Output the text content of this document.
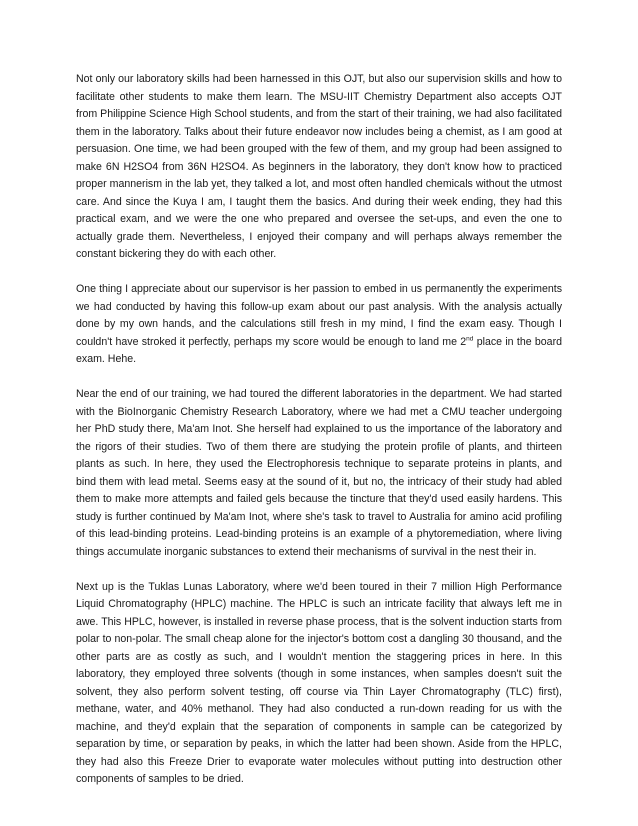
Not only our laboratory skills had been harnessed in this OJT, but also our supervision skills and how to facilitate other students to make them learn. The MSU-IIT Chemistry Department also accepts OJT from Philippine Science High School students, and from the start of their training, we had also facilitated them in the laboratory. Talks about their future endeavor now includes being a chemist, as I am good at persuasion. One time, we had been grouped with the few of them, and my group had been assigned to make 6N H2SO4 from 36N H2SO4. As beginners in the laboratory, they don't know how to practiced proper mannerism in the lab yet, they talked a lot, and most often handled chemicals without the utmost care. And since the Kuya I am, I taught them the basics. And during their week ending, they had this practical exam, and we were the one who prepared and oversee the set-ups, and even the one to actually grade them. Nevertheless, I enjoyed their company and will perhaps always remember the constant bickering they do with each other.

One thing I appreciate about our supervisor is her passion to embed in us permanently the experiments we had conducted by having this follow-up exam about our past analysis. With the analysis actually done by my own hands, and the calculations still fresh in my mind, I find the exam easy. Though I couldn't have stroked it perfectly, perhaps my score would be enough to land me 2nd place in the board exam. Hehe.

Near the end of our training, we had toured the different laboratories in the department. We had started with the BioInorganic Chemistry Research Laboratory, where we had met a CMU teacher undergoing her PhD study there, Ma'am Inot. She herself had explained to us the importance of the laboratory and the rigors of their studies. Two of them there are studying the protein profile of plants, and thirteen plants as such. In here, they used the Electrophoresis technique to separate proteins in plants, and bind them with lead metal. Seems easy at the sound of it, but no, the intricacy of their study had abled them to make more attempts and failed gels because the tincture that they'd used easily hardens. This study is further continued by Ma'am Inot, where she's task to travel to Australia for amino acid profiling of this lead-binding proteins. Lead-binding proteins is an example of a phytoremediation, where living things accumulate inorganic substances to extend their mechanisms of survival in the nest their in.

Next up is the Tuklas Lunas Laboratory, where we'd been toured in their 7 million High Performance Liquid Chromatography (HPLC) machine. The HPLC is such an intricate facility that always left me in awe. This HPLC, however, is installed in reverse phase process, that is the solvent induction starts from polar to non-polar. The small cheap alone for the injector's bottom cost a dangling 30 thousand, and the other parts are as costly as such, and I wouldn't mention the staggering prices in here. In this laboratory, they employed three solvents (though in some instances, when samples doesn't suit the solvent, they also perform solvent testing, off course via Thin Layer Chromatography (TLC) first), methane, water, and 40% methanol. They had also conducted a run-down reading for us with the machine, and they'd explain that the separation of components in sample can be categorized by separation by time, or separation by peaks, in which the latter had been shown. Aside from the HPLC, they had also this Freeze Drier to evaporate water molecules without putting into destruction other components of samples to be dried.
